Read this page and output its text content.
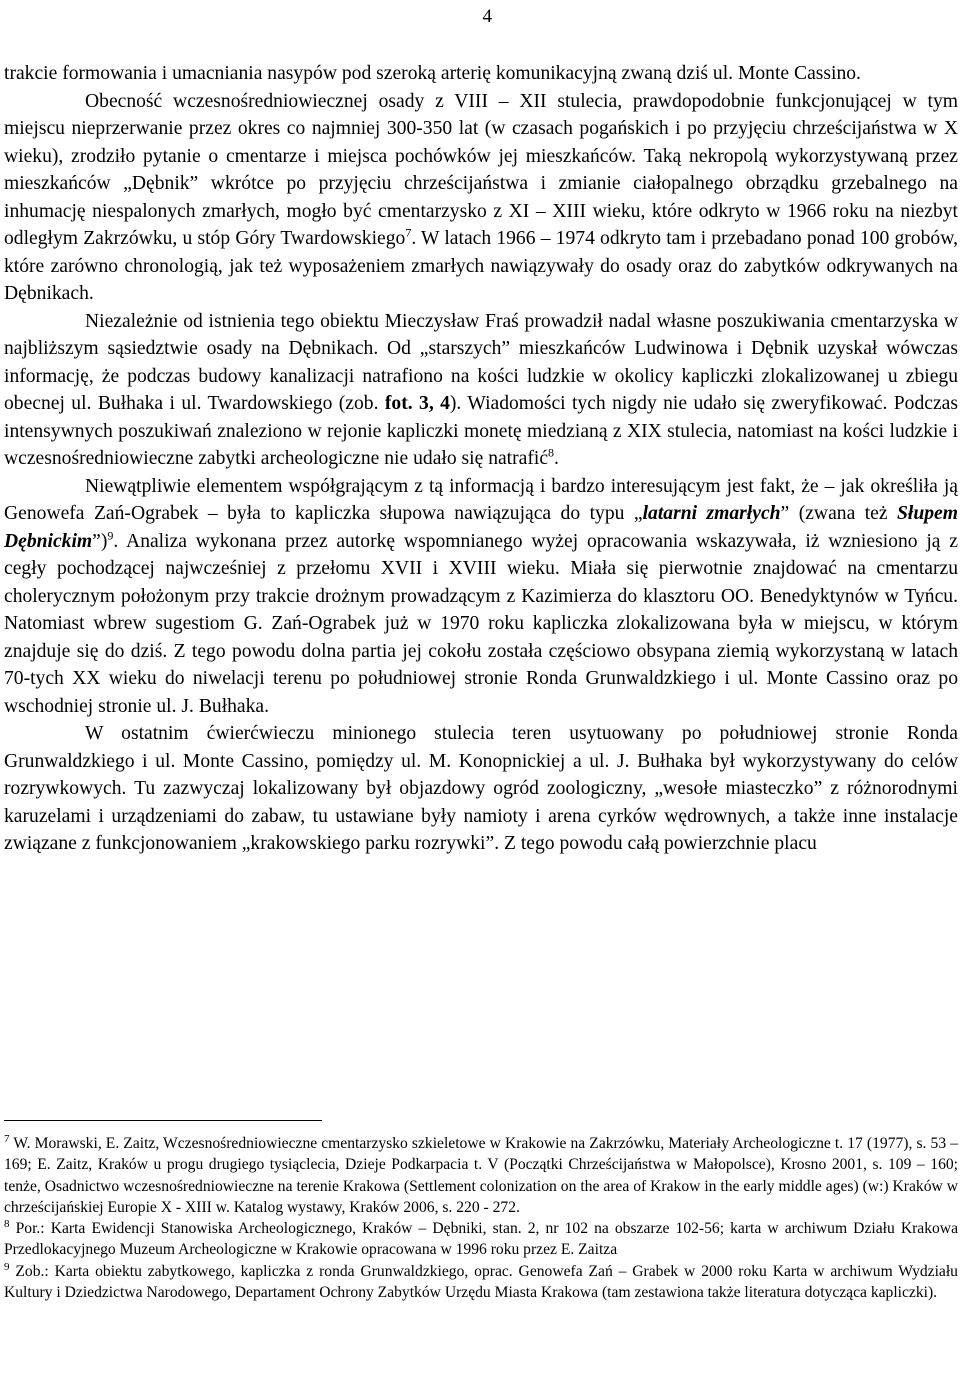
4

trakcie formowania i umacniania nasypów pod szeroką arterię komunikacyjną zwaną dziś ul. Monte Cassino.

Obecność wczesnośredniowiecznej osady z VIII – XII stulecia, prawdopodobnie funkcjonującej w tym miejscu nieprzerwanie przez okres co najmniej 300-350 lat (w czasach pogańskich i po przyjęciu chrześcijaństwa w X wieku), zrodziło pytanie o cmentarze i miejsca pochówków jej mieszkańców. Taką nekropolą wykorzystywaną przez mieszkańców „Dębnik” wkrótce po przyjęciu chrześcijaństwa i zmianie ciałopalnego obrządku grzebalnego na inhumację niespalonych zmarłych, mogło być cmentarzysko z XI – XIII wieku, które odkryto w 1966 roku na niezbyt odległym Zakrzówku, u stóp Góry Twardowskiego$^7$. W latach 1966 – 1974 odkryto tam i przebadano ponad 100 grobów, które zarówno chronologią, jak też wyposażeniem zmarłych nawiązywały do osady oraz do zabytków odkrywanych na Dębnikach.

Niezależnie od istnienia tego obiektu Mieczysław Fraś prowadził nadal własne poszukiwania cmentarzyska w najbliższym sąsiedztwie osady na Dębnikach. Od „starszych” mieszkańców Ludwinowa i Dębnik uzyskał wówczas informację, że podczas budowy kanalizacji natrafiono na kości ludzkie w okolicy kapliczki zlokalizowanej u zbiegu obecnej ul. Bułhaka i ul. Twardowskiego (zob. fot. 3, 4). Wiadomości tych nigdy nie udało się zweryfikować. Podczas intensywnych poszukiwań znaleziono w rejonie kapliczki monetę miedzianą z XIX stulecia, natomiast na kości ludzkie i wczesnośredniowieczne zabytki archeologiczne nie udało się natrafić$^8$.

Niewątpliwie elementem współgrającym z tą informacją i bardzo interesującym jest fakt, że – jak określiła ją Genowefa Zań-Ograbek – była to kapliczka słupowa nawiązująca do typu „latarni zmarłych” (zwana też Słupem Dębnickim”)$^9$. Analiza wykonana przez autorkę wspomnianego wyżej opracowania wskazywała, iż wzniesiono ją z cegły pochodzącej najwcześniej z przełomu XVII i XVIII wieku. Miała się pierwotnie znajdować na cmentarzu cholerycznym położonym przy trakcie drożnym prowadzącym z Kazimierza do klasztoru OO. Benedyktynów w Tyńcu. Natomiast wbrew sugestiom G. Zań-Ograbek już w 1970 roku kapliczka zlokalizowana była w miejscu, w którym znajduje się do dziś. Z tego powodu dolna partia jej cokołu została częściowo obsypana ziemią wykorzystaną w latach 70-tych XX wieku do niwelacji terenu po południowej stronie Ronda Grunwaldzkiego i ul. Monte Cassino oraz po wschodniej stronie ul. J. Bułhaka.

W ostatnim ćwierćwieczu minionego stulecia teren usytuowany po południowej stronie Ronda Grunwaldzkiego i ul. Monte Cassino, pomiędzy ul. M. Konopnickiej a ul. J. Bułhaka był wykorzystywany do celów rozrywkowych. Tu zazwyczaj lokalizowany był objazdowy ogród zoologiczny, „wesołe miasteczko” z różnorodnymi karuzelami i urządzeniami do zabaw, tu ustawiane były namioty i arena cyrków wędrownych, a także inne instalacje związane z funkcjonowaniem „krakowskiego parku rozrywki”. Z tego powodu całą powierzchnie placu

$^7$ W. Morawski, E. Zaitz, Wczesnośredniowieczne cmentarzysko szkieletowe w Krakowie na Zakrzówku, Materiały Archeologiczne t. 17 (1977), s. 53 – 169; E. Zaitz, Kraków u progu drugiego tysiąclecia, Dzieje Podkarpacia t. V (Początki Chrześcijaństwa w Małopolsce), Krosno 2001, s. 109 – 160; tenże, Osadnictwo wczesnośredniowieczne na terenie Krakowa (Settlement colonization on the area of Krakow in the early middle ages) (w:) Kraków w chrześcijańskiej Europie X - XIII w. Katalog wystawy, Kraków 2006, s. 220 - 272.

$^8$ Por.: Karta Ewidencji Stanowiska Archeologicznego, Kraków – Dębniki, stan. 2, nr 102 na obszarze 102-56; karta w archiwum Działu Krakowa Przedlokacyjnego Muzeum Archeologiczne w Krakowie opracowana w 1996 roku przez E. Zaitza

$^9$ Zob.: Karta obiektu zabytkowego, kapliczka z ronda Grunwaldzkiego, oprac. Genowefa Zań – Grabek w 2000 roku Karta w archiwum Wydziału Kultury i Dziedzictwa Narodowego, Departament Ochrony Zabytków Urzędu Miasta Krakowa (tam zestawiona także literatura dotycząca kapliczki).
